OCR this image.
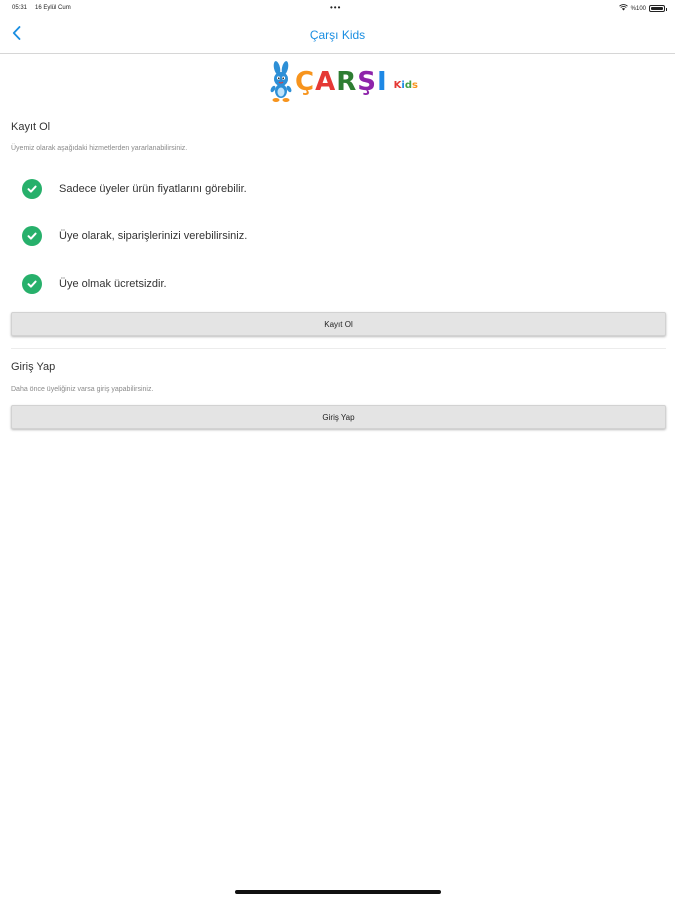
05:31 16 Eylül Cum	•••	%100
Çarşı Kids
ÇARŞI Kids
Kayıt Ol
Üyemiz olarak aşağıdaki hizmetlerden yararlanabilirsiniz.
Sadece üyeler ürün fiyatlarını görebilir.
Üye olarak, siparişlerinizi verebilirsiniz.
Üye olmak ücretsizdir.
Kayıt Ol
Giriş Yap
Daha önce üyeliğiniz varsa giriş yapabilirsiniz.
Giriş Yap
